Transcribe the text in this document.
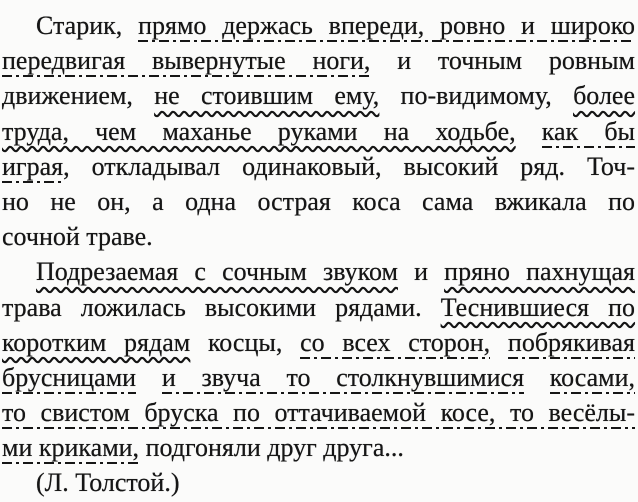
Старик, прямо держась впереди, ровно и широко
передвигая вывернутые ноги, и точным ровным
движением, не стоившим ему, по-видимому, более
труда, чем маханье руками на ходьбе, как бы
играя, откладывал одинаковый, высокий ряд. Точ-
но не он, а одна острая коса сама вжикала по
сочной траве.
Подрезаемая с сочным звуком и пряно пахнущая
трава ложилась высокими рядами. Теснившиеся по
коротким рядам косцы, со всех сторон, побрякивая
брусницами и звуча то столкнувшимися косами,
то свистом бруска по оттачиваемой косе, то весёлы-
ми криками, подгоняли друг друга...
(Л. Толстой.)
